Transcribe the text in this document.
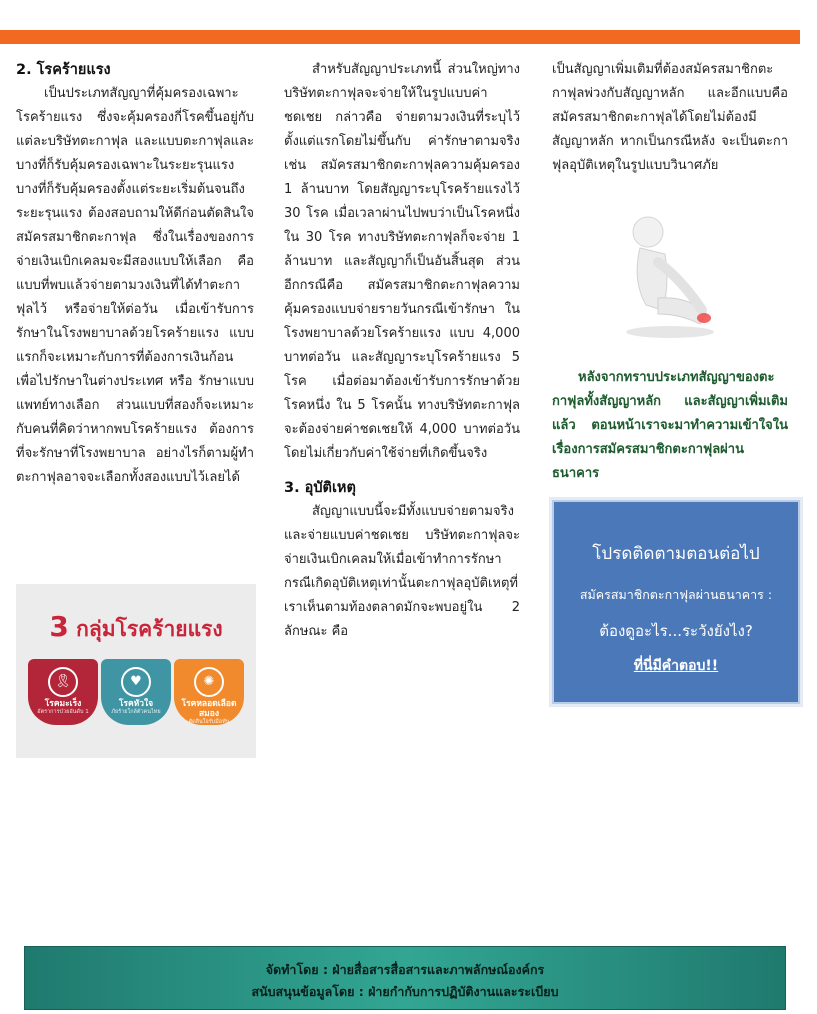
2. โรคร้ายแรง

เป็นประเภทสัญญาที่คุ้มครองเฉพาะโรคร้ายแรง ซึ่งจะคุ้มครองกี่โรคขึ้นอยู่กับแต่ละบริษัทตะกาฟุล และแบบตะกาฟุลและบางที่ก็รับคุ้มครองเฉพาะในระยะรุนแรง บางที่ก็รับคุ้มครองตั้งแต่ระยะเริ่มต้นจนถึงระยะรุนแรง ต้องสอบถามให้ดีก่อนตัดสินใจสมัครสมาชิกตะกาฟุล ซึ่งในเรื่องของการจ่ายเงินเบิกเคลมจะมีสองแบบให้เลือก คือ แบบที่พบแล้วจ่ายตามวงเงินที่ได้ทำตะกาฟุลไว้ หรือจ่ายให้ต่อวัน เมื่อเข้ารับการรักษาในโรงพยาบาลด้วยโรคร้ายแรง แบบแรกก็จะเหมาะกับการที่ต้องการเงินก้อน เพื่อไปรักษาในต่างประเทศ หรือ รักษาแบบแพทย์ทางเลือก ส่วนแบบที่สองก็จะเหมาะกับคนที่คิดว่าหากพบโรคร้ายแรง ต้องการที่จะรักษาที่โรงพยาบาล อย่างไรก็ตามผู้ทำตะกาฟุลอาจจะเลือกทั้งสองแบบไว้เลยได้

3 กลุ่มโรคร้ายแรง
🎗
โรคมะเร็ง
อัตราการป่วยอันดับ 1
♥
โรคหัวใจ
ภัยร้ายใกล้ตัวคนไทย
✺
โรคหลอดเลือดสมอง
ตัดสินใจรับมือทัน

สำหรับสัญญาประเภทนี้ ส่วนใหญ่ทางบริษัทตะกาฟุลจะจ่ายให้ในรูปแบบค่าชดเชย กล่าวคือ จ่ายตามวงเงินที่ระบุไว้ตั้งแต่แรกโดยไม่ขึ้นกับ ค่ารักษาตามจริง เช่น สมัครสมาชิกตะกาฟุลความคุ้มครอง 1 ล้านบาท โดยสัญญาระบุโรคร้ายแรงไว้ 30 โรค เมื่อเวลาผ่านไปพบว่าเป็นโรคหนึ่งใน 30 โรค ทางบริษัทตะกาฟุลก็จะจ่าย 1 ล้านบาท และสัญญาก็เป็นอันสิ้นสุด ส่วนอีกกรณีคือ สมัครสมาชิกตะกาฟุลความคุ้มครองแบบจ่ายรายวันกรณีเข้ารักษา ในโรงพยาบาลด้วยโรคร้ายแรง แบบ 4,000 บาทต่อวัน และสัญญาระบุโรคร้ายแรง 5 โรค เมื่อต่อมาต้องเข้ารับการรักษาด้วยโรคหนึ่ง ใน 5 โรคนั้น ทางบริษัทตะกาฟุลจะต้องจ่ายค่าชดเชยให้ 4,000 บาทต่อวัน โดยไม่เกี่ยวกับค่าใช้จ่ายที่เกิดขึ้นจริง

3. อุบัติเหตุ

สัญญาแบบนี้จะมีทั้งแบบจ่ายตามจริง และจ่ายแบบค่าชดเชย บริษัทตะกาฟุลจะจ่ายเงินเบิกเคลมให้เมื่อเข้าทำการรักษากรณีเกิดอุบัติเหตุเท่านั้นตะกาฟุลอุบัติเหตุที่เราเห็นตามท้องตลาดมักจะพบอยู่ใน 2 ลักษณะ คือ

เป็นสัญญาเพิ่มเติมที่ต้องสมัครสมาชิกตะกาฟุลพ่วงกับสัญญาหลัก และอีกแบบคือสมัครสมาชิกตะกาฟุลได้โดยไม่ต้องมีสัญญาหลัก หากเป็นกรณีหลัง จะเป็นตะกาฟุลอุบัติเหตุในรูปแบบวินาศภัย

หลังจากทราบประเภทสัญญาของตะกาฟุลทั้งสัญญาหลัก และสัญญาเพิ่มเติมแล้ว ตอนหน้าเราจะมาทำความเข้าใจในเรื่องการสมัครสมาชิกตะกาฟุลผ่านธนาคาร

โปรดติดตามตอนต่อไป
สมัครสมาชิกตะกาฟุลผ่านธนาคาร :
ต้องดูอะไร...ระวังยังไง?
ที่นี่มีคำตอบ!!
จัดทำโดย : ฝ่ายสื่อสารสื่อสารและภาพลักษณ์องค์กร
สนับสนุนข้อมูลโดย : ฝ่ายกำกับการปฏิบัติงานและระเบียบ
